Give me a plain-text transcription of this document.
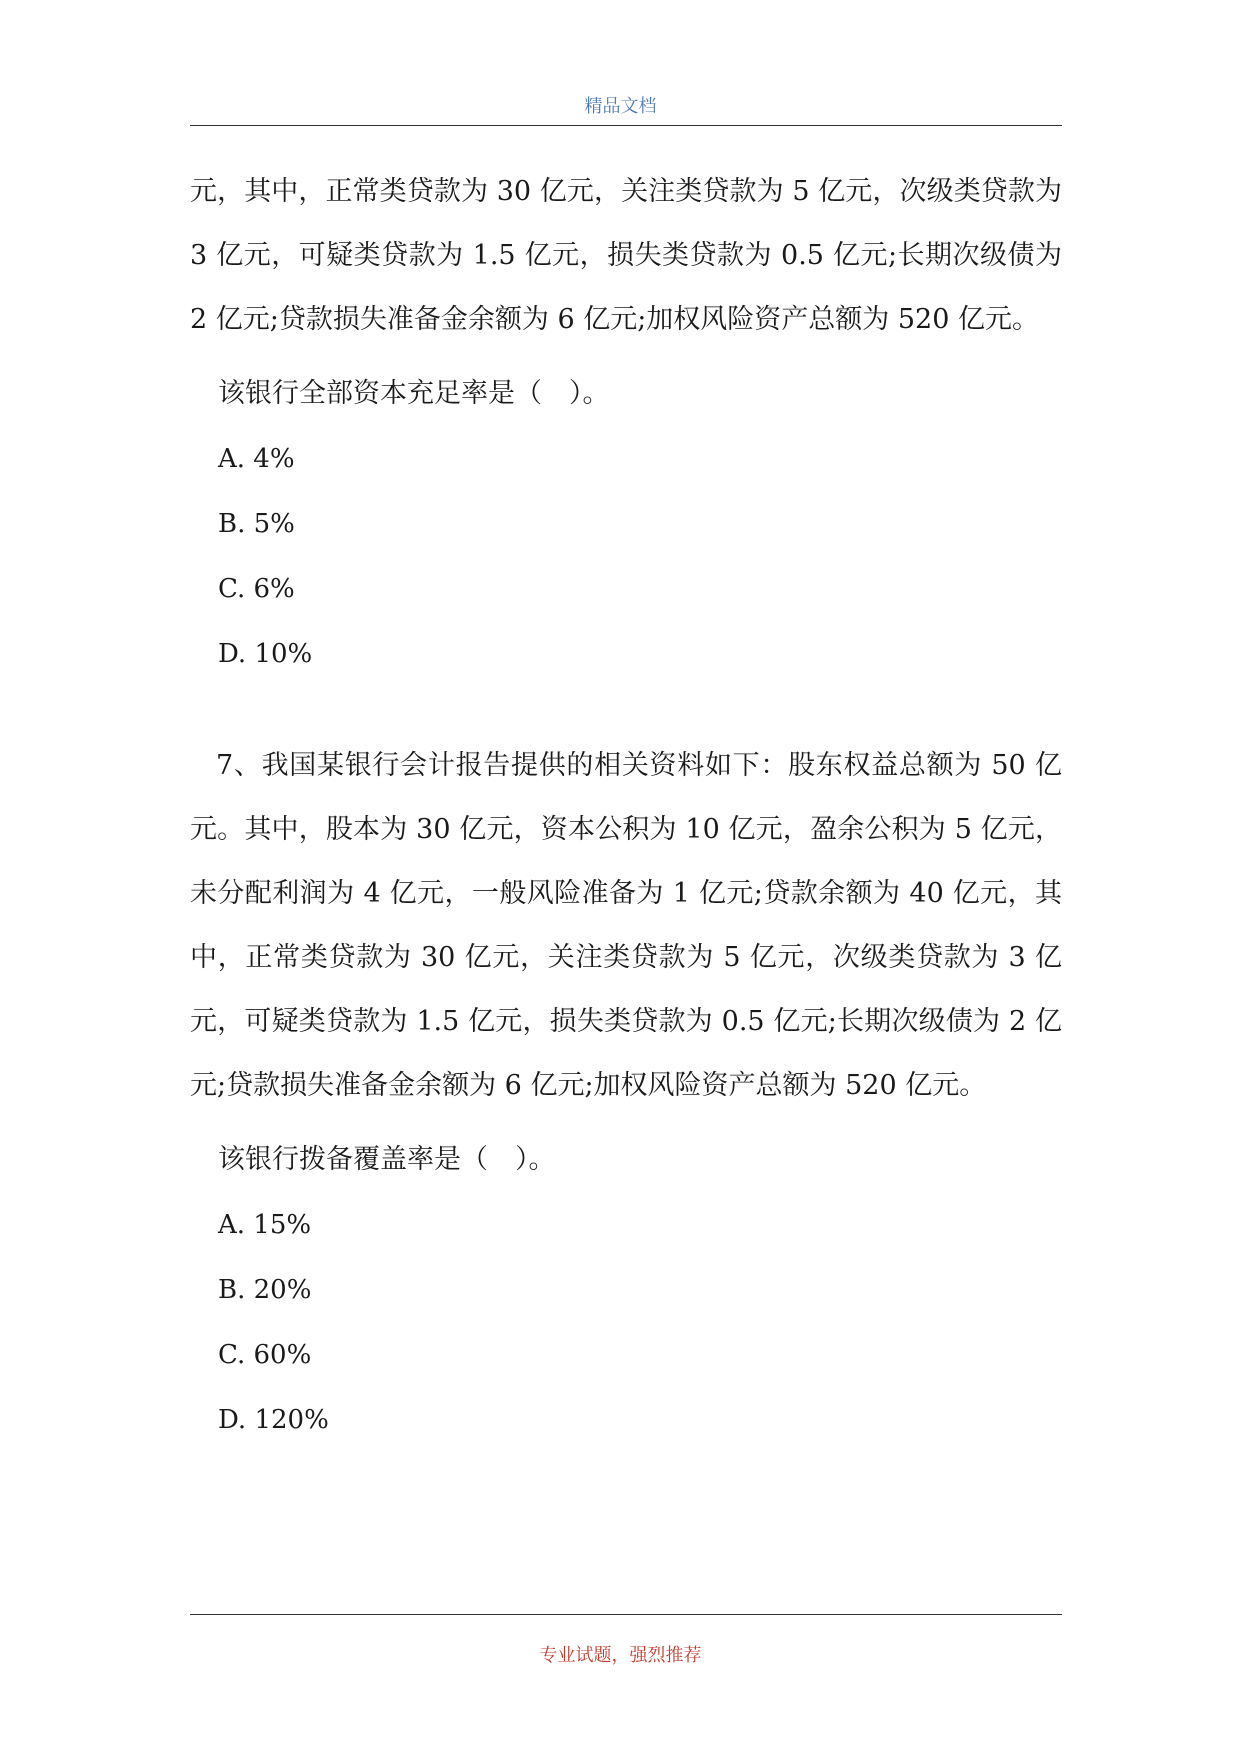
精品文档

元，其中，正常类贷款为 30 亿元，关注类贷款为 5 亿元，次级类贷款为 3 亿元，可疑类贷款为 1.5 亿元，损失类贷款为 0.5 亿元;长期次级债为 2 亿元;贷款损失准备金余额为 6 亿元;加权风险资产总额为 520 亿元。

该银行全部资本充足率是（　）。

A. 4%

B. 5%

C. 6%

D. 10%

7、我国某银行会计报告提供的相关资料如下：股东权益总额为 50 亿元。其中，股本为 30 亿元，资本公积为 10 亿元，盈余公积为 5 亿元，未分配利润为 4 亿元，一般风险准备为 1 亿元;贷款余额为 40 亿元，其中，正常类贷款为 30 亿元，关注类贷款为 5 亿元，次级类贷款为 3 亿元，可疑类贷款为 1.5 亿元，损失类贷款为 0.5 亿元;长期次级债为 2 亿元;贷款损失准备金余额为 6 亿元;加权风险资产总额为 520 亿元。

该银行拨备覆盖率是（　）。

A. 15%

B. 20%

C. 60%

D. 120%

专业试题，强烈推荐
